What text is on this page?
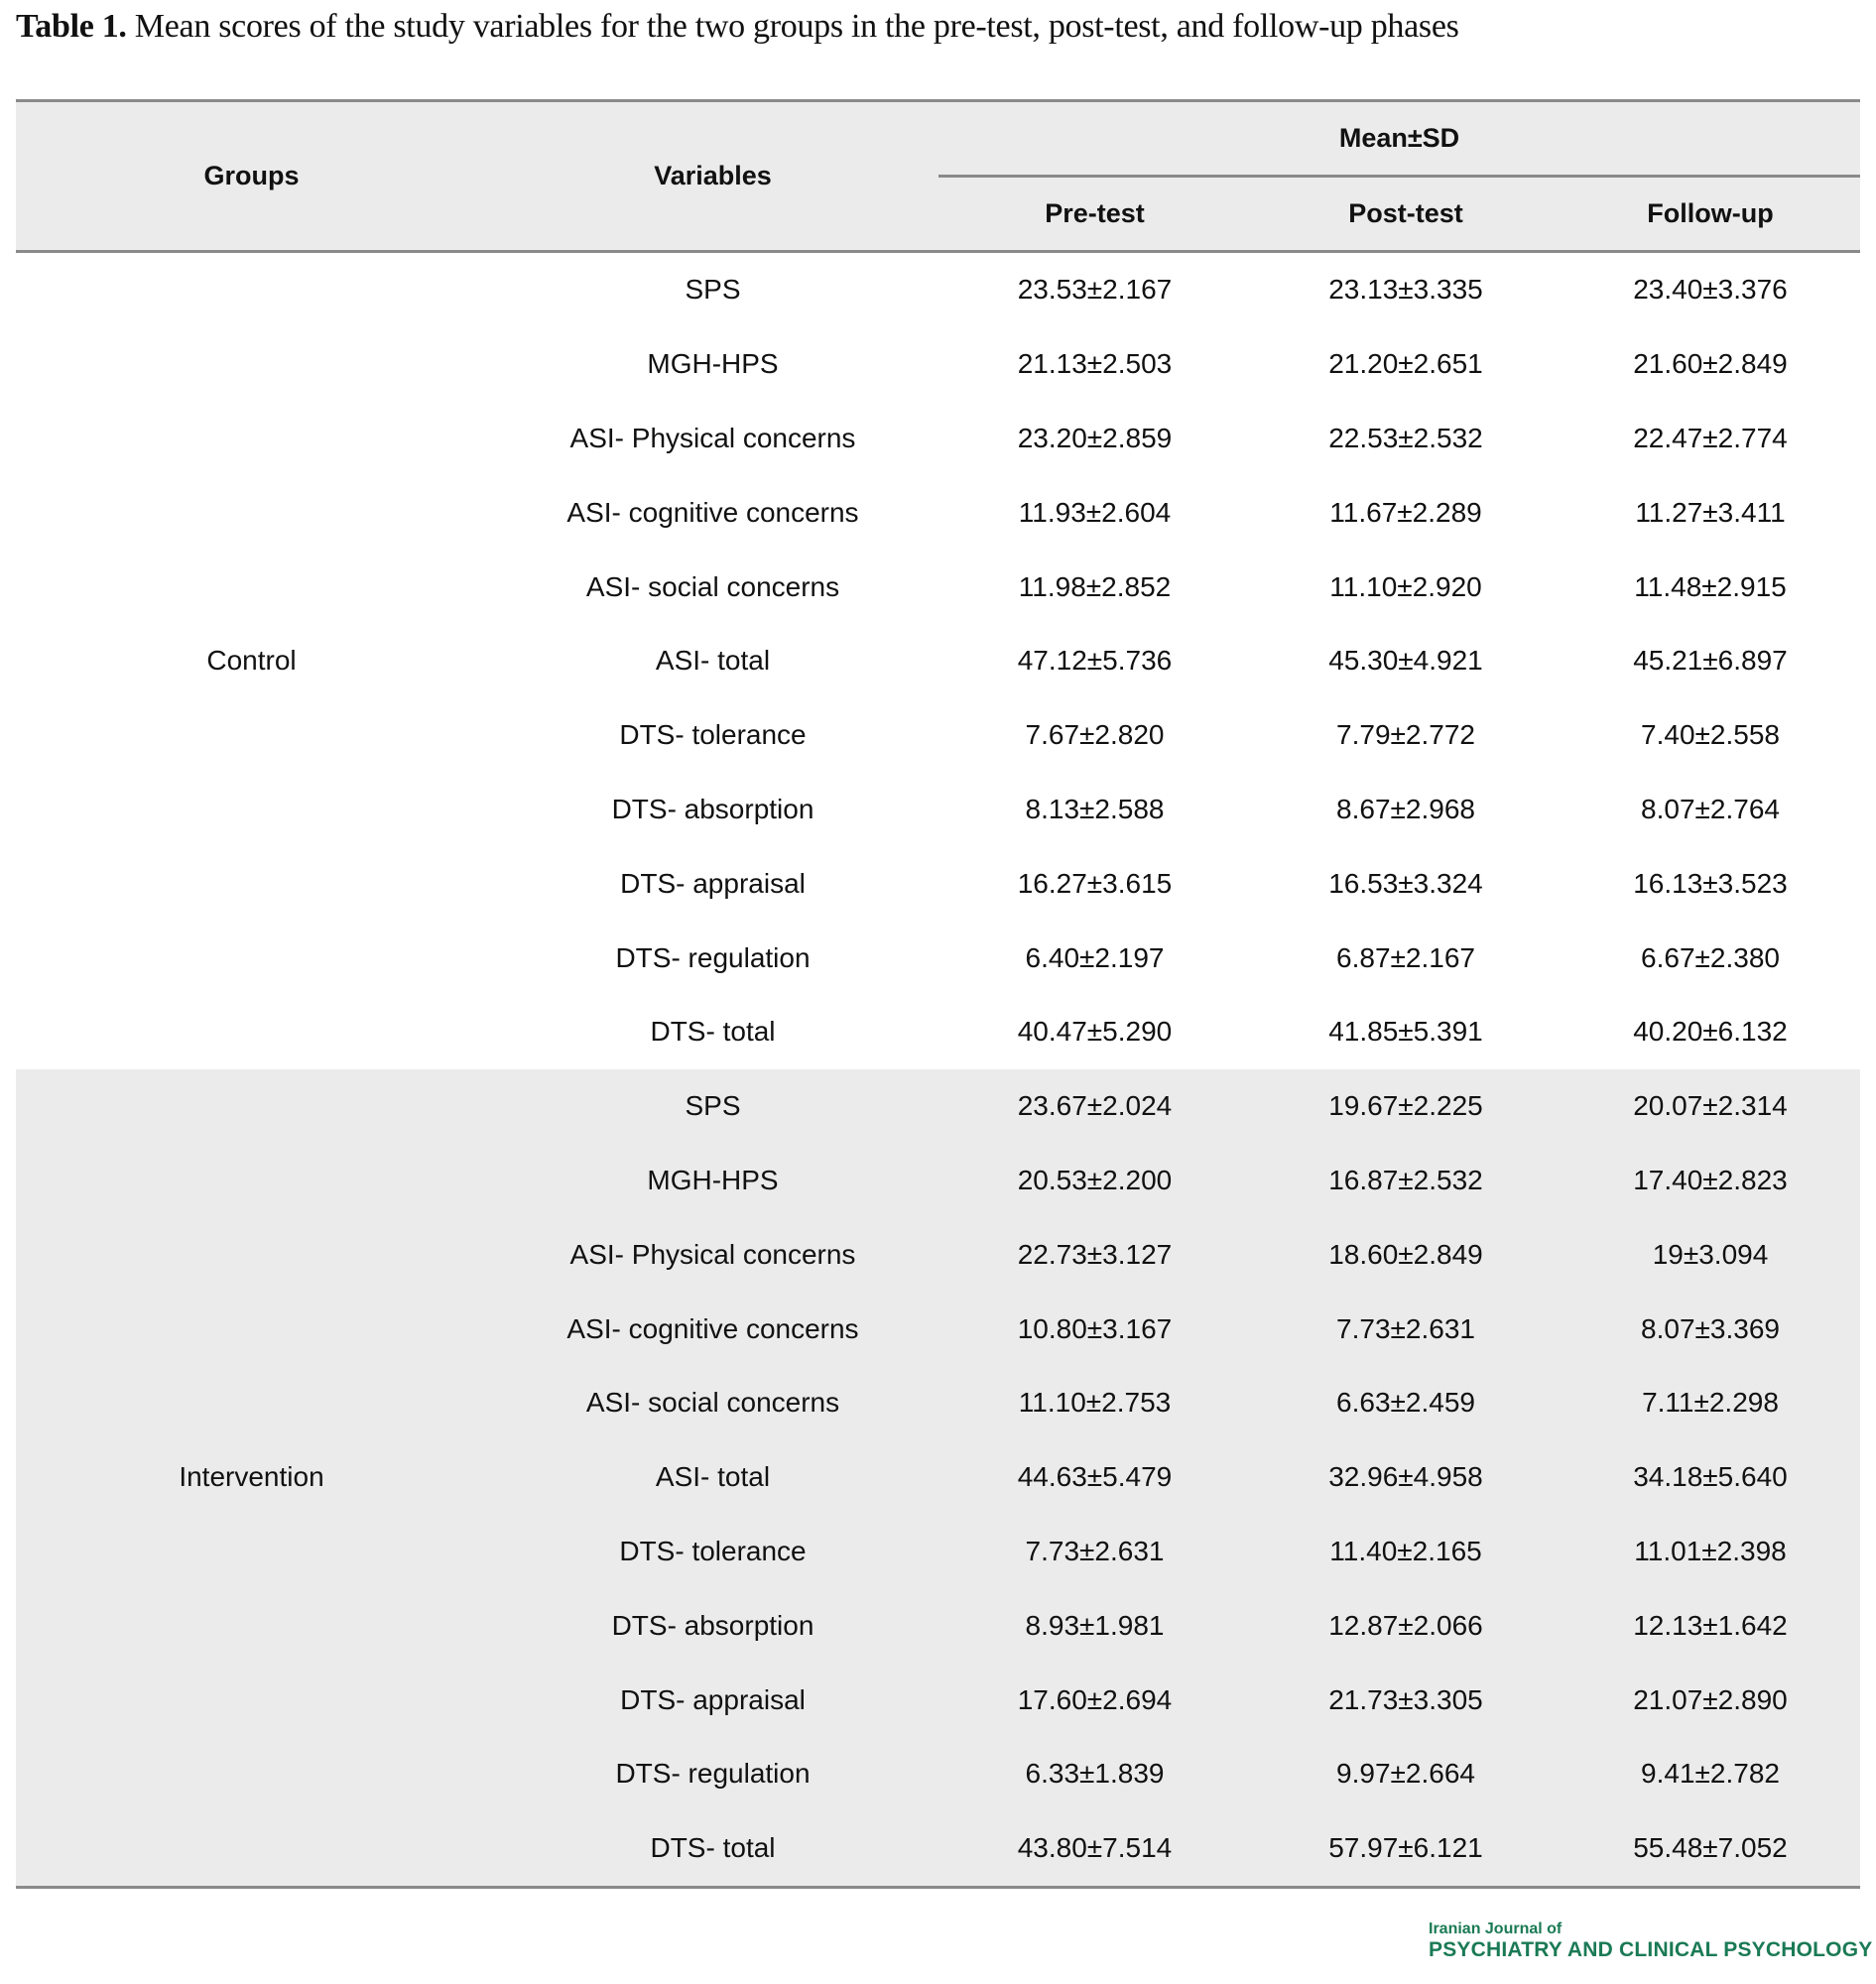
Table 1. Mean scores of the study variables for the two groups in the pre-test, post-test, and follow-up phases
Groups	Variables	Mean±SD		
		Pre-test	Post-test	Follow-up
Control	SPS	23.53±2.167	23.13±3.335	23.40±3.376
	MGH-HPS	21.13±2.503	21.20±2.651	21.60±2.849
	ASI- Physical concerns	23.20±2.859	22.53±2.532	22.47±2.774
	ASI- cognitive concerns	11.93±2.604	11.67±2.289	11.27±3.411
	ASI- social concerns	11.98±2.852	11.10±2.920	11.48±2.915
	ASI- total	47.12±5.736	45.30±4.921	45.21±6.897
	DTS- tolerance	7.67±2.820	7.79±2.772	7.40±2.558
	DTS- absorption	8.13±2.588	8.67±2.968	8.07±2.764
	DTS- appraisal	16.27±3.615	16.53±3.324	16.13±3.523
	DTS- regulation	6.40±2.197	6.87±2.167	6.67±2.380
	DTS- total	40.47±5.290	41.85±5.391	40.20±6.132
Intervention	SPS	23.67±2.024	19.67±2.225	20.07±2.314
	MGH-HPS	20.53±2.200	16.87±2.532	17.40±2.823
	ASI- Physical concerns	22.73±3.127	18.60±2.849	19±3.094
	ASI- cognitive concerns	10.80±3.167	7.73±2.631	8.07±3.369
	ASI- social concerns	11.10±2.753	6.63±2.459	7.11±2.298
	ASI- total	44.63±5.479	32.96±4.958	34.18±5.640
	DTS- tolerance	7.73±2.631	11.40±2.165	11.01±2.398
	DTS- absorption	8.93±1.981	12.87±2.066	12.13±1.642
	DTS- appraisal	17.60±2.694	21.73±3.305	21.07±2.890
	DTS- regulation	6.33±1.839	9.97±2.664	9.41±2.782
	DTS- total	43.80±7.514	57.97±6.121	55.48±7.052
Iranian Journal of
PSYCHIATRY AND CLINICAL PSYCHOLOGY
